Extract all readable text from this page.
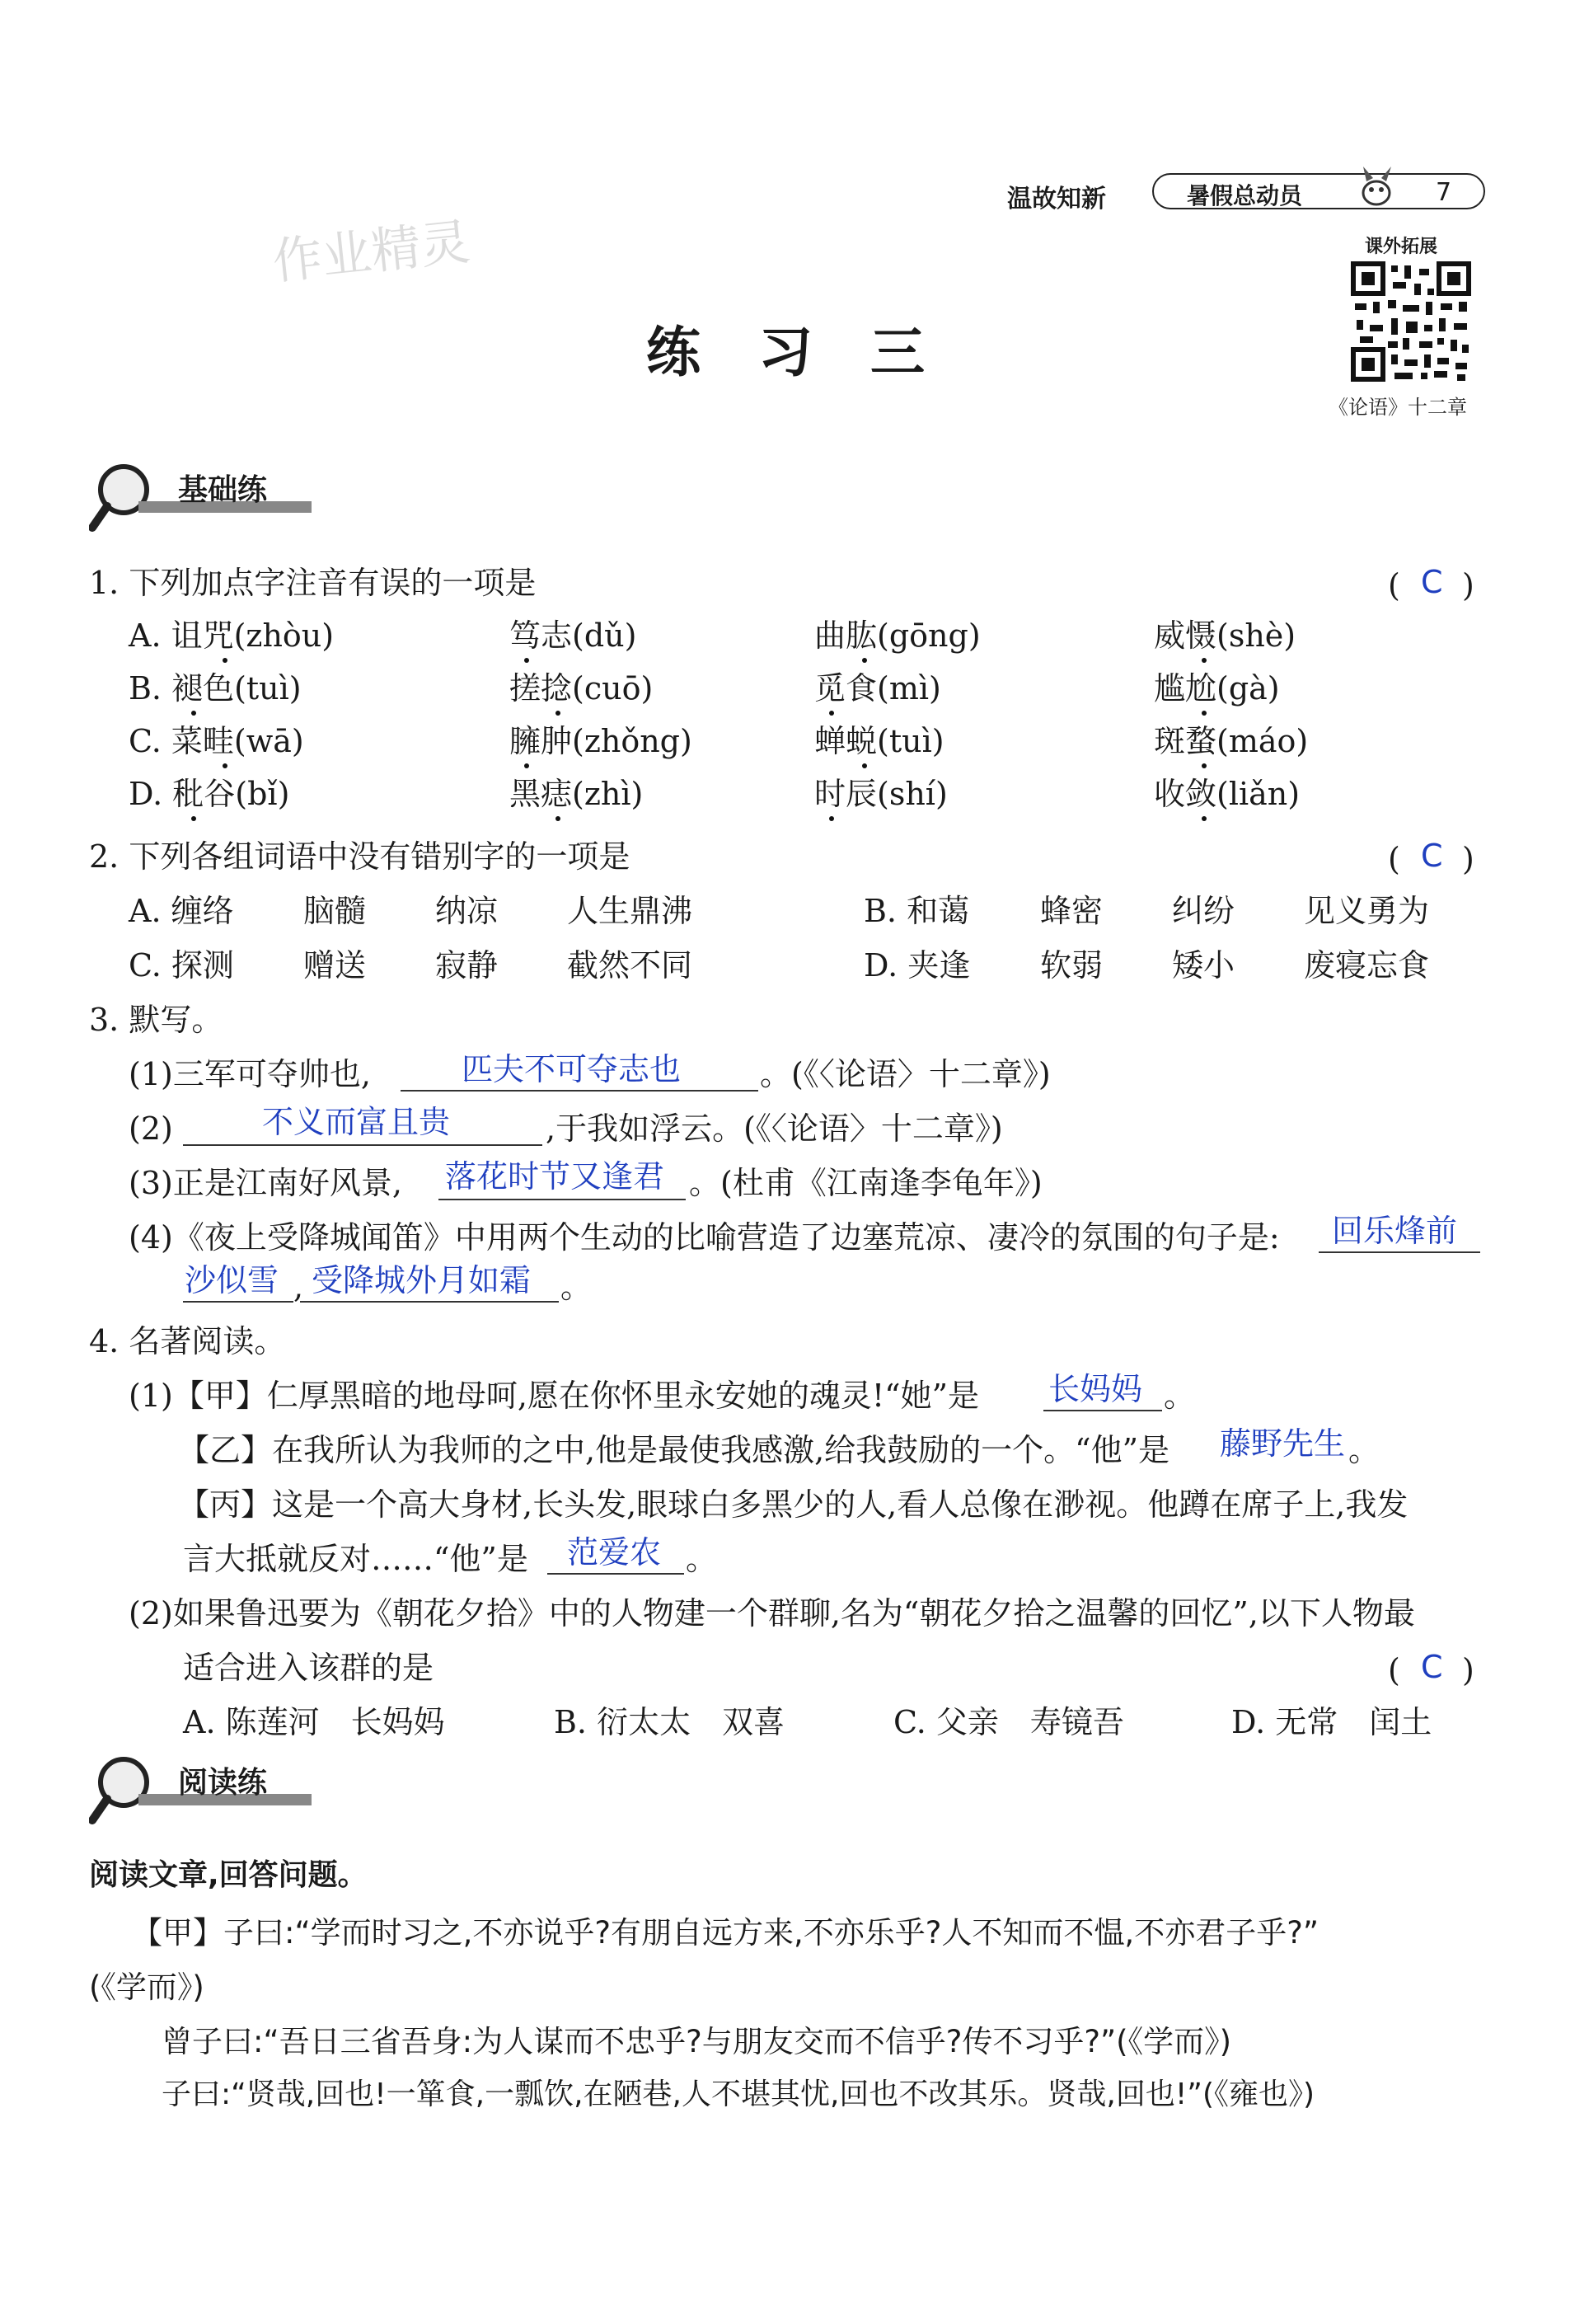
温故知新	暑假总动员	7
课外拓展
《论语》十二章
作业精灵
练习三
基础练
1. 下列加点字注音有误的一项是	( C )
A. 诅咒(zhòu)	笃志(dǔ)	曲肱(gōng)	威慑(shè)
B. 褪色(tuì)	搓捻(cuō)	觅食(mì)	尴尬(gà)
C. 菜畦(wā)	臃肿(zhǒng)	蝉蜕(tuì)	斑蝥(máo)
D. 秕谷(bǐ)	黑痣(zhì)	时辰(shí)	收敛(liǎn)
2. 下列各组词语中没有错别字的一项是	( C )
A. 缠络 脑髓 纳凉 人生鼎沸	B. 和蔼 蜂密 纠纷 见义勇为
C. 探测 赠送 寂静 截然不同	D. 夹逢 软弱 矮小 废寝忘食
3. 默写。
(1)三军可夺帅也,	匹夫不可夺志也	。(《〈论语〉十二章》)
(2)	不义而富且贵	,于我如浮云。(《〈论语〉十二章》)
(3)正是江南好风景, 落花时节又逢君 。(杜甫《江南逢李龟年》)
(4)《夜上受降城闻笛》中用两个生动的比喻营造了边塞荒凉、凄冷的氛围的句子是: 回乐烽前
沙似雪 , 受降城外月如霜 。
4. 名著阅读。
(1)【甲】仁厚黑暗的地母呵,愿在你怀里永安她的魂灵!“她”是 长妈妈 。
【乙】在我所认为我师的之中,他是最使我感激,给我鼓励的一个。“他”是 藤野先生 。
【丙】这是一个高大身材,长头发,眼球白多黑少的人,看人总像在渺视。他蹲在席子上,我发
言大抵就反对……“他”是 范爱农 。
(2)如果鲁迅要为《朝花夕拾》中的人物建一个群聊,名为“朝花夕拾之温馨的回忆”,以下人物最
适合进入该群的是	( C )
A. 陈莲河　长妈妈	B. 衍太太　双喜	C. 父亲　寿镜吾	D. 无常　闰土
阅读练
阅读文章,回答问题。
【甲】子曰:“学而时习之,不亦说乎?有朋自远方来,不亦乐乎?人不知而不愠,不亦君子乎?”
(《学而》)
曾子曰:“吾日三省吾身:为人谋而不忠乎?与朋友交而不信乎?传不习乎?”(《学而》)
子曰:“贤哉,回也!一箪食,一瓢饮,在陋巷,人不堪其忧,回也不改其乐。贤哉,回也!”(《雍也》)
